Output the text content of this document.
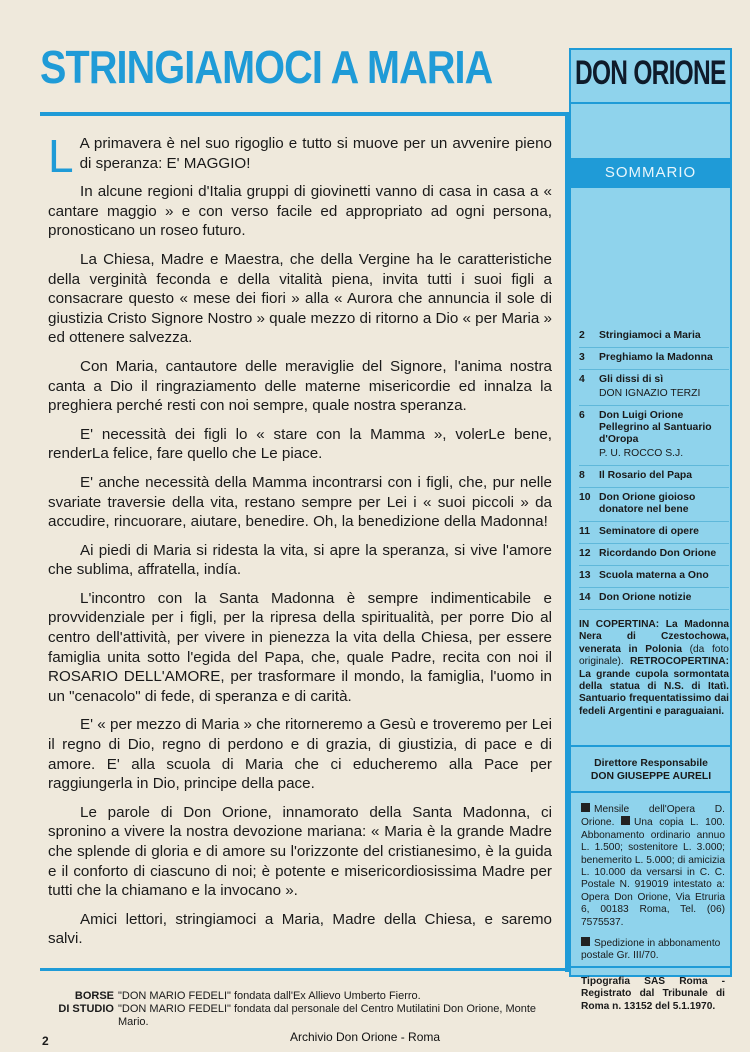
STRINGIAMOCI A MARIA

L A primavera è nel suo rigoglio e tutto si muove per un avvenire pieno di speranza: E' MAGGIO!

In alcune regioni d'Italia gruppi di giovinetti vanno di casa in casa a « cantare maggio » e con verso facile ed appropriato ad ogni persona, pronosticano un roseo futuro.

La Chiesa, Madre e Maestra, che della Vergine ha le caratteristiche della verginità feconda e della vitalità piena, invita tutti i suoi figli a consacrare questo « mese dei fiori » alla « Aurora che annuncia il sole di giustizia Cristo Signore Nostro » quale mezzo di ritorno a Dio « per Maria » ed ottenere salvezza.

Con Maria, cantautore delle meraviglie del Signore, l'anima nostra canta a Dio il ringraziamento delle materne misericordie ed innalza la preghiera perché resti con noi sempre, quale nostra speranza.

E' necessità dei figli lo « stare con la Mamma », volerLe bene, renderLa felice, fare quello che Le piace.

E' anche necessità della Mamma incontrarsi con i figli, che, pur nelle svariate traversie della vita, restano sempre per Lei i « suoi piccoli » da accudire, rincuorare, aiutare, benedire. Oh, la benedizione della Madonna!

Ai piedi di Maria si ridesta la vita, si apre la speranza, si vive l'amore che sublima, affratella, indía.

L'incontro con la Santa Madonna è sempre indimenticabile e provvidenziale per i figli, per la ripresa della spiritualità, per porre Dio al centro dell'attività, per vivere in pienezza la vita della Chiesa, per essere famiglia unita sotto l'egida del Papa, che, quale Padre, recita con noi il ROSARIO DELL'AMORE, per trasformare il mondo, la famiglia, l'uomo in un "cenacolo" di fede, di speranza e di carità.

E' « per mezzo di Maria » che ritorneremo a Gesù e troveremo per Lei il regno di Dio, regno di perdono e di grazia, di giustizia, di pace e di amore. E' alla scuola di Maria che ci educheremo alla Pace per raggiungerla in Dio, principe della pace.

Le parole di Don Orione, innamorato della Santa Madonna, ci spronino a vivere la nostra devozione mariana: « Maria è la grande Madre che splende di gloria e di amore su l'orizzonte del cristianesimo, è la guida e il conforto di ciascuno di noi; è potente e misericordiosissima Madre per tutti che la chiamano e la invocano ».

Amici lettori, stringiamoci a Maria, Madre della Chiesa, e saremo salvi.

DON ORIONE
SOMMARIO
2	Stringiamoci a Maria
3	Preghiamo la Madonna
4	Gli dissi di sì
DON IGNAZIO TERZI
6	Don Luigi Orione Pellegrino al Santuario d'Oropa
P. U. ROCCO S.J.
8	Il Rosario del Papa
10 Don Orione gioioso donatore nel bene
11 Seminatore di opere
12 Ricordando Don Orione
13 Scuola materna a Ono
14 Don Orione notizie
IN COPERTINA: La Madonna Nera di Czestochowa, venerata in Polonia (da foto originale). RETROCOPERTINA: La grande cupola sormontata della statua di N.S. di Itatì. Santuario frequentatissimo dai fedeli Argentini e paraguaiani.
Direttore Responsabile
DON GIUSEPPE AURELI
Mensile dell'Opera D. Orione. Una copia L. 100. Abbonamento ordinario annuo L. 1.500; sostenitore L. 3.000; benemerito L. 5.000; di amicizia L. 10.000 da versarsi in C. C. Postale N. 919019 intestato a: Opera Don Orione, Via Etruria 6, 00183 Roma, Tel. (06) 7575537.
Spedizione in abbonamento postale Gr. III/70.
Tipografia SAS Roma - Registrato dal Tribunale di Roma n. 13152 del 5.1.1970.
BORSE
DI STUDIO
"DON MARIO FEDELI" fondata dall'Ex Allievo Umberto Fierro.
"DON MARIO FEDELI" fondata dal personale del Centro Mutilatini Don Orione, Monte Mario.
2	Archivio Don Orione - Roma
